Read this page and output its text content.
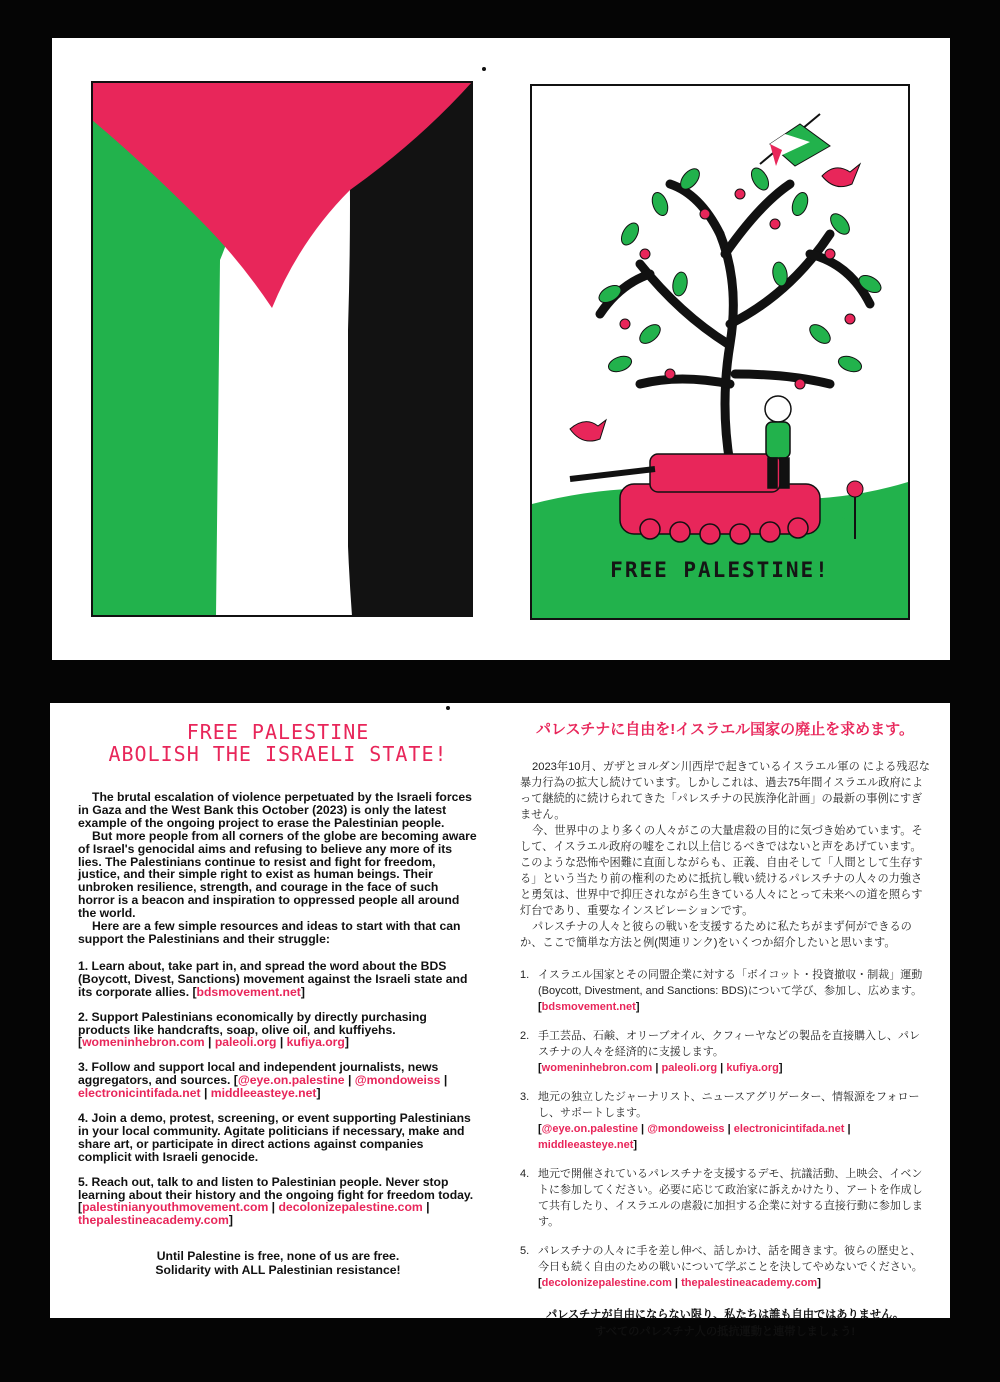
FREE PALESTINE!
FREE PALESTINE
ABOLISH THE ISRAELI STATE!

The brutal escalation of violence perpetuated by the Israeli forces in Gaza and the West Bank this October (2023) is only the latest example of the ongoing project to erase the Palestinian people.

But more people from all corners of the globe are becoming aware of Israel's genocidal aims and refusing to believe any more of its lies. The Palestinians continue to resist and fight for freedom, justice, and their simple right to exist as human beings. Their unbroken resilience, strength, and courage in the face of such horror is a beacon and inspiration to oppressed people all around the world.

Here are a few simple resources and ideas to start with that can support the Palestinians and their struggle:

1. Learn about, take part in, and spread the word about the BDS (Boycott, Divest, Sanctions) movement against the Israeli state and its corporate allies. [bdsmovement.net]
2. Support Palestinians economically by directly purchasing products like handcrafts, soap, olive oil, and kuffiyehs. [womeninhebron.com | paleoli.org | kufiya.org]
3. Follow and support local and independent journalists, news aggregators, and sources. [@eye.on.palestine | @mondoweiss | electronicintifada.net | middleeasteye.net]
4. Join a demo, protest, screening, or event supporting Palestinians in your local community. Agitate politicians if necessary, make and share art, or participate in direct actions against companies complicit with Israeli genocide.
5. Reach out, talk to and listen to Palestinian people. Never stop learning about their history and the ongoing fight for freedom today. [palestinianyouthmovement.com | decolonizepalestine.com | thepalestineacademy.com]
Until Palestine is free, none of us are free.
Solidarity with ALL Palestinian resistance!
パレスチナに自由を!イスラエル国家の廃止を求めます。

2023年10月、ガザとヨルダン川西岸で起きているイスラエル軍の による残忍な暴力行為の拡大し続けています。しかしこれは、過去75年間イスラエル政府によって継続的に続けられてきた「パレスチナの民族浄化計画」の最新の事例にすぎません。

今、世界中のより多くの人々がこの大量虐殺の目的に気づき始めています。そして、イスラエル政府の嘘をこれ以上信じるべきではないと声をあげています。このような恐怖や困難に直面しながらも、正義、自由そして「人間として生存する」という当たり前の権利のために抵抗し戦い続けるパレスチナの人々の力強さと勇気は、世界中で抑圧されながら生きている人々にとって未来への道を照らす灯台であり、重要なインスピレーションです。

パレスチナの人々と彼らの戦いを支援するために私たちがまず何ができるのか、ここで簡単な方法と例(関連リンク)をいくつか紹介したいと思います。

1. イスラエル国家とその同盟企業に対する「ボイコット・投資撤収・制裁」運動 (Boycott, Divestment, and Sanctions: BDS)について学び、参加し、広めます。
[bdsmovement.net]
2. 手工芸品、石鹸、オリーブオイル、クフィーヤなどの製品を直接購入し、パレスチナの人々を経済的に支援します。
[womeninhebron.com | paleoli.org | kufiya.org]
3. 地元の独立したジャーナリスト、ニュースアグリゲーター、情報源をフォローし、サポートします。
[@eye.on.palestine | @mondoweiss | electronicintifada.net | middleeasteye.net]
4. 地元で開催されているパレスチナを支援するデモ、抗議活動、上映会、イベントに参加してください。必要に応じて政治家に訴えかけたり、アートを作成して共有したり、イスラエルの虐殺に加担する企業に対する直接行動に参加します。
5. パレスチナの人々に手を差し伸べ、話しかけ、話を聞きます。彼らの歴史と、今日も続く自由のための戦いについて学ぶことを決してやめないでください。
[decolonizepalestine.com | thepalestineacademy.com]
パレスチナが自由にならない限り、私たちは誰も自由ではありません。
すべてのパレスチナ人の抵抗運動と連帯しましょう!
